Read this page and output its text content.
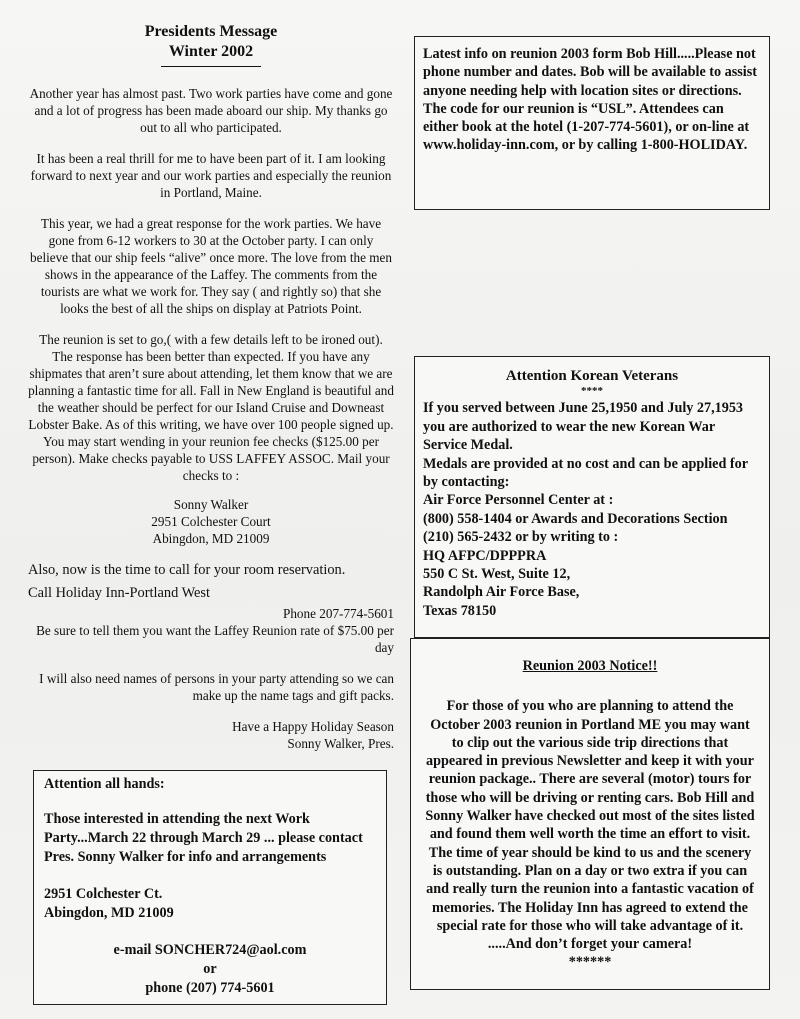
Presidents Message
Winter 2002

Another year has almost past. Two work parties have come and gone and a lot of progress has been made aboard our ship. My thanks go out to all who participated.

It has been a real thrill for me to have been part of it. I am looking forward to next year and our work parties and especially the reunion in Portland, Maine.

This year, we had a great response for the work parties. We have gone from 6-12 workers to 30 at the October party. I can only believe that our ship feels “alive” once more. The love from the men shows in the appearance of the Laffey. The comments from the tourists are what we work for. They say ( and rightly so) that she looks the best of all the ships on display at Patriots Point.

The reunion is set to go,( with a few details left to be ironed out). The response has been better than expected. If you have any shipmates that aren’t sure about attending, let them know that we are planning a fantastic time for all. Fall in New England is beautiful and the weather should be perfect for our Island Cruise and Downeast Lobster Bake. As of this writing, we have over 100 people signed up. You may start wending in your reunion fee checks ($125.00 per person). Make checks payable to USS LAFFEY ASSOC. Mail your checks to :

Sonny Walker
2951 Colchester Court
Abingdon, MD 21009
Also, now is the time to call for your room reservation.
Call Holiday Inn-Portland West
Phone 207-774-5601
Be sure to tell them you want the Laffey Reunion rate of $75.00 per day
I will also need names of persons in your party attending so we can make up the name tags and gift packs.
Have a Happy Holiday Season
Sonny Walker, Pres.
Attention all hands:
Those interested in attending the next Work Party...March 22 through March 29 ... please contact Pres. Sonny Walker for info and arrangements
2951 Colchester Ct.
Abingdon, MD 21009
e-mail SONCHER724@aol.com
or
phone (207) 774-5601
Latest info on reunion 2003 form Bob Hill.....Please not phone number and dates. Bob will be available to assist anyone needing help with location sites or directions.
The code for our reunion is “USL”. Attendees can either book at the hotel (1-207-774-5601), or on-line at www.holiday-inn.com, or by calling 1-800-HOLIDAY.
Attention Korean Veterans
****
If you served between June 25,1950 and July 27,1953 you are authorized to wear the new Korean War Service Medal.
Medals are provided at no cost and can be applied for by contacting:
Air Force Personnel Center at :
(800) 558-1404 or Awards and Decorations Section (210) 565-2432 or by writing to :
HQ AFPC/DPPPRA
550 C St. West, Suite 12,
Randolph Air Force Base,
Texas 78150
Reunion 2003 Notice!!
For those of you who are planning to attend the October 2003 reunion in Portland ME you may want to clip out the various side trip directions that appeared in previous Newsletter and keep it with your reunion package.. There are several (motor) tours for those who will be driving or renting cars. Bob Hill and Sonny Walker have checked out most of the sites listed and found them well worth the time an effort to visit. The time of year should be kind to us and the scenery is outstanding. Plan on a day or two extra if you can and really turn the reunion into a fantastic vacation of memories. The Holiday Inn has agreed to extend the special rate for those who will take advantage of it. .....And don’t forget your camera!
******
